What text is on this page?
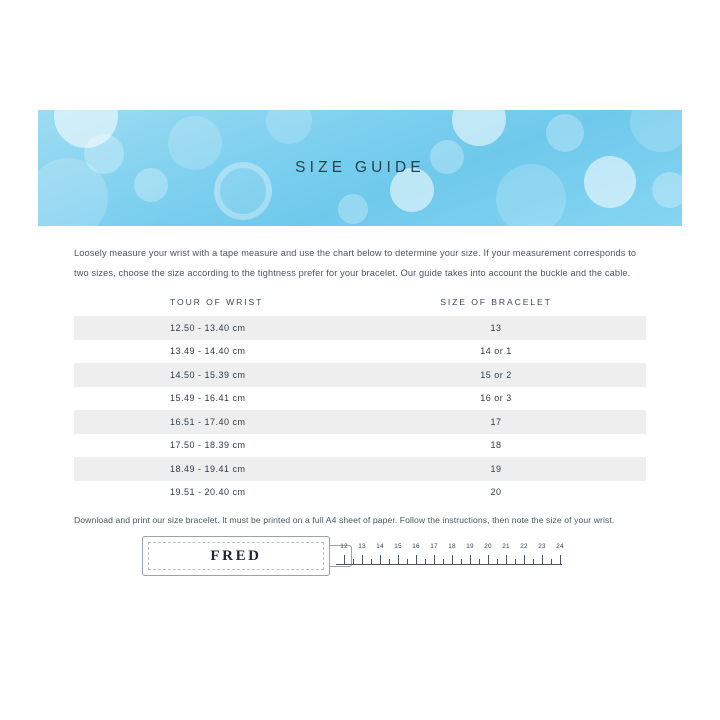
SIZE GUIDE
Loosely measure your wrist with a tape measure and use the chart below to determine your size. If your measurement corresponds to two sizes, choose the size according to the tightness prefer for your bracelet. Our guide takes into account the buckle and the cable.
TOUR OF WRIST	SIZE OF BRACELET
12.50 - 13.40 cm	13
13.49 - 14.40 cm	14 or 1
14.50 - 15.39 cm	15 or 2
15.49 - 16.41 cm	16 or 3
16.51 - 17.40 cm	17
17.50 - 18.39 cm	18
18.49 - 19.41 cm	19
19.51 - 20.40 cm	20
Download and print our size bracelet. It must be printed on a full A4 sheet of paper. Follow the instructions, then note the size of your wrist.
FRED
12 13 14 15 16 17 18 19 20 21 22 23 24
